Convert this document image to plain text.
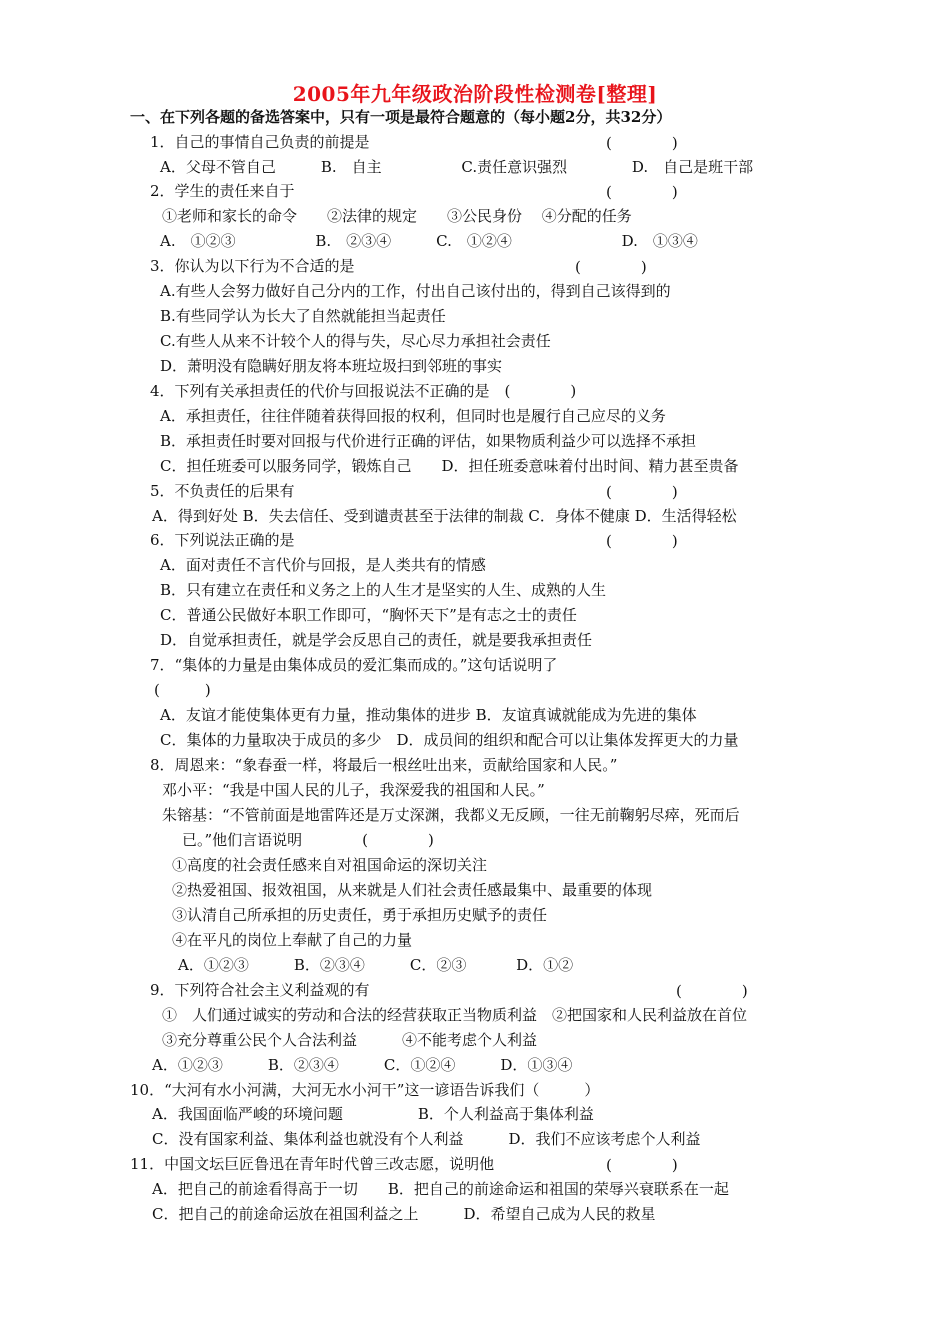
2005年九年级政治阶段性检测卷[整理]
一、在下列各题的备选答案中，只有一项是最符合题意的（每小题2分，共32分）
1．自己的事情自己负责的前提是
A．父母不管自己　　　B.　自主　　　　　 C.责任意识强烈　　　　 D.　自己是班干部
2．学生的责任来自于
①老师和家长的命令　　②法律的规定　　③公民身份　 ④分配的任务
A.　①②③　　　　　 B.　②③④　　　C.　①②④　　　　　　　 D.　①③④
3．你认为以下行为不合适的是
A.有些人会努力做好自己分内的工作，付出自己该付出的，得到自己该得到的
B.有些同学认为长大了自然就能担当起责任
C.有些人从来不计较个人的得与失，尽心尽力承担社会责任
D．萧明没有隐瞒好朋友将本班垃圾扫到邻班的事实
4．下列有关承担责任的代价与回报说法不正确的是　(　　　　)
A．承担责任，往往伴随着获得回报的权利，但同时也是履行自己应尽的义务
B．承担责任时要对回报与代价进行正确的评估，如果物质利益少可以选择不承担
C．担任班委可以服务同学，锻炼自己　　D．担任班委意味着付出时间、精力甚至贵备
5．不负责任的后果有
A．得到好处 B．失去信任、受到谴责甚至于法律的制裁 C．身体不健康 D．生活得轻松
6．下列说法正确的是
A．面对责任不言代价与回报，是人类共有的情感
B．只有建立在责任和义务之上的人生才是坚实的人生、成熟的人生
C．普通公民做好本职工作即可，“胸怀天下”是有志之士的责任
D．自觉承担责任，就是学会反思自己的责任，就是要我承担责任
7．“集体的力量是由集体成员的爱汇集而成的。”这句话说明了
(　　　)
A．友谊才能使集体更有力量，推动集体的进步 B．友谊真诚就能成为先进的集体
C．集体的力量取决于成员的多少　D．成员间的组织和配合可以让集体发挥更大的力量
8．周恩来：“象春蚕一样，将最后一根丝吐出来，贡献给国家和人民。”
邓小平：“我是中国人民的儿子，我深爱我的祖国和人民。”
朱镕基：“不管前面是地雷阵还是万丈深渊，我都义无反顾，一往无前鞠躬尽瘁，死而后
已。”他们言语说明　　　　(　　　　)
①高度的社会责任感来自对祖国命运的深切关注
②热爱祖国、报效祖国，从来就是人们社会责任感最集中、最重要的体现
③认清自己所承担的历史责任，勇于承担历史赋予的责任
④在平凡的岗位上奉献了自己的力量
A．①②③　　　B．②③④　　　C．②③　　　 D．①②
9．下列符合社会主义利益观的有
①　人们通过诚实的劳动和合法的经营获取正当物质利益　②把国家和人民利益放在首位
③充分尊重公民个人合法利益　　　④不能考虑个人利益
A．①②③　　　B．②③④　　　C．①②④　　　D．①③④
10．“大河有水小河满，大河无水小河干”这一谚语告诉我们（　　　）
A．我国面临严峻的环境问题　　　　　B．个人利益高于集体利益
C．没有国家利益、集体利益也就没有个人利益　　　D．我们不应该考虑个人利益
11．中国文坛巨匠鲁迅在青年时代曾三改志愿，说明他
A．把自己的前途看得高于一切　　B．把自己的前途命运和祖国的荣辱兴衰联系在一起
C．把自己的前途命运放在祖国利益之上　　　D．希望自己成为人民的救星
(　　　　)
(　　　　)
(　　　　)
(　　　　)
(　　　　)
(　　　　)
(　　　　)
